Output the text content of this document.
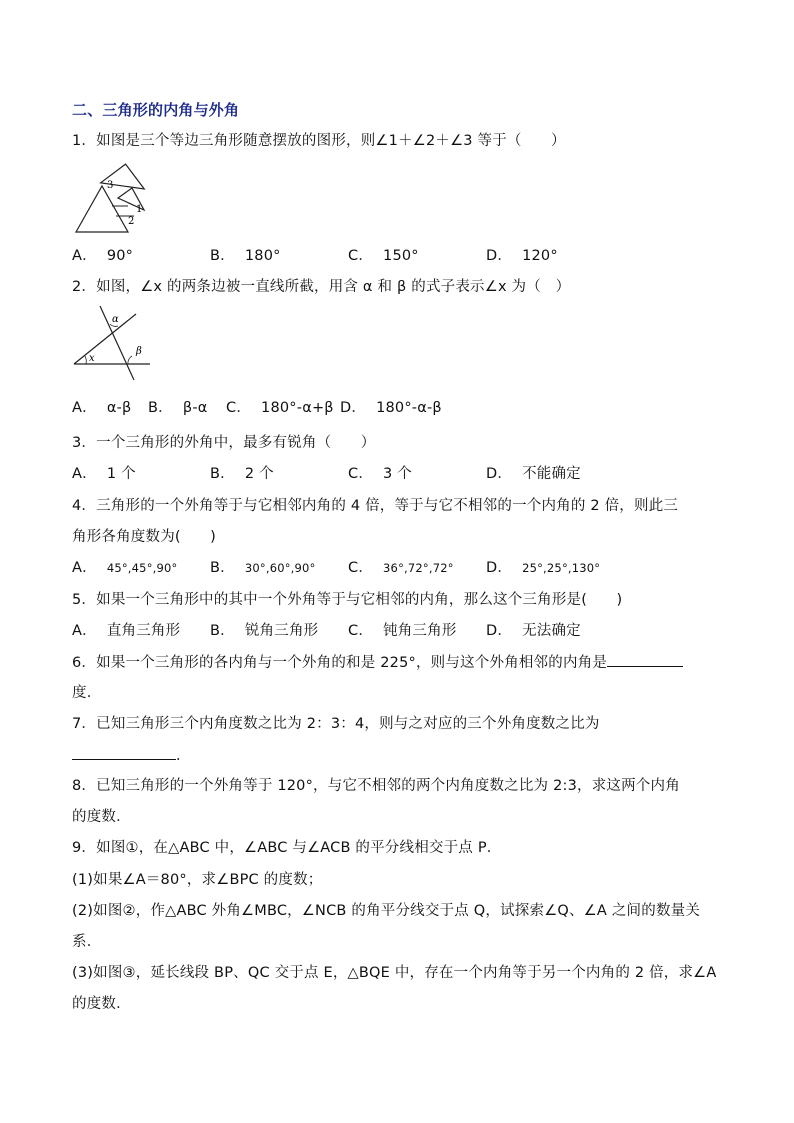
二、三角形的内角与外角
1．如图是三个等边三角形随意摆放的图形，则∠1＋∠2＋∠3 等于（　　）
1
2
3
A． 90°	B． 180°	C． 150°	D． 120°
2．如图，∠x 的两条边被一直线所截，用含 α 和 β 的式子表示∠x 为（　）
α
β
x
A． α-β B． β-α C． 180°-α+β D． 180°-α-β
3．一个三角形的外角中，最多有锐角（　　）
A． 1 个	B． 2 个	C． 3 个	D． 不能确定
4．三角形的一个外角等于与它相邻内角的 4 倍，等于与它不相邻的一个内角的 2 倍，则此三
角形各角度数为(　　)
A． 45°,45°,90° B． 30°,60°,90° C． 36°,72°,72° D． 25°,25°,130°
5．如果一个三角形中的其中一个外角等于与它相邻的内角，那么这个三角形是(　　)
A． 直角三角形 B． 锐角三角形 C． 钝角三角形 D． 无法确定
6．如果一个三角形的各内角与一个外角的和是 225°，则与这个外角相邻的内角是
度．
7．已知三角形三个内角度数之比为 2：3：4，则与之对应的三个外角度数之比为
．
8．已知三角形的一个外角等于 120°，与它不相邻的两个内角度数之比为 2:3，求这两个内角
的度数．
9．如图①，在△ABC 中，∠ABC 与∠ACB 的平分线相交于点 P．
(1)如果∠A＝80°，求∠BPC 的度数；
(2)如图②，作△ABC 外角∠MBC，∠NCB 的角平分线交于点 Q，试探索∠Q、∠A 之间的数量关
系．
(3)如图③，延长线段 BP、QC 交于点 E，△BQE 中，存在一个内角等于另一个内角的 2 倍，求∠A
的度数．
